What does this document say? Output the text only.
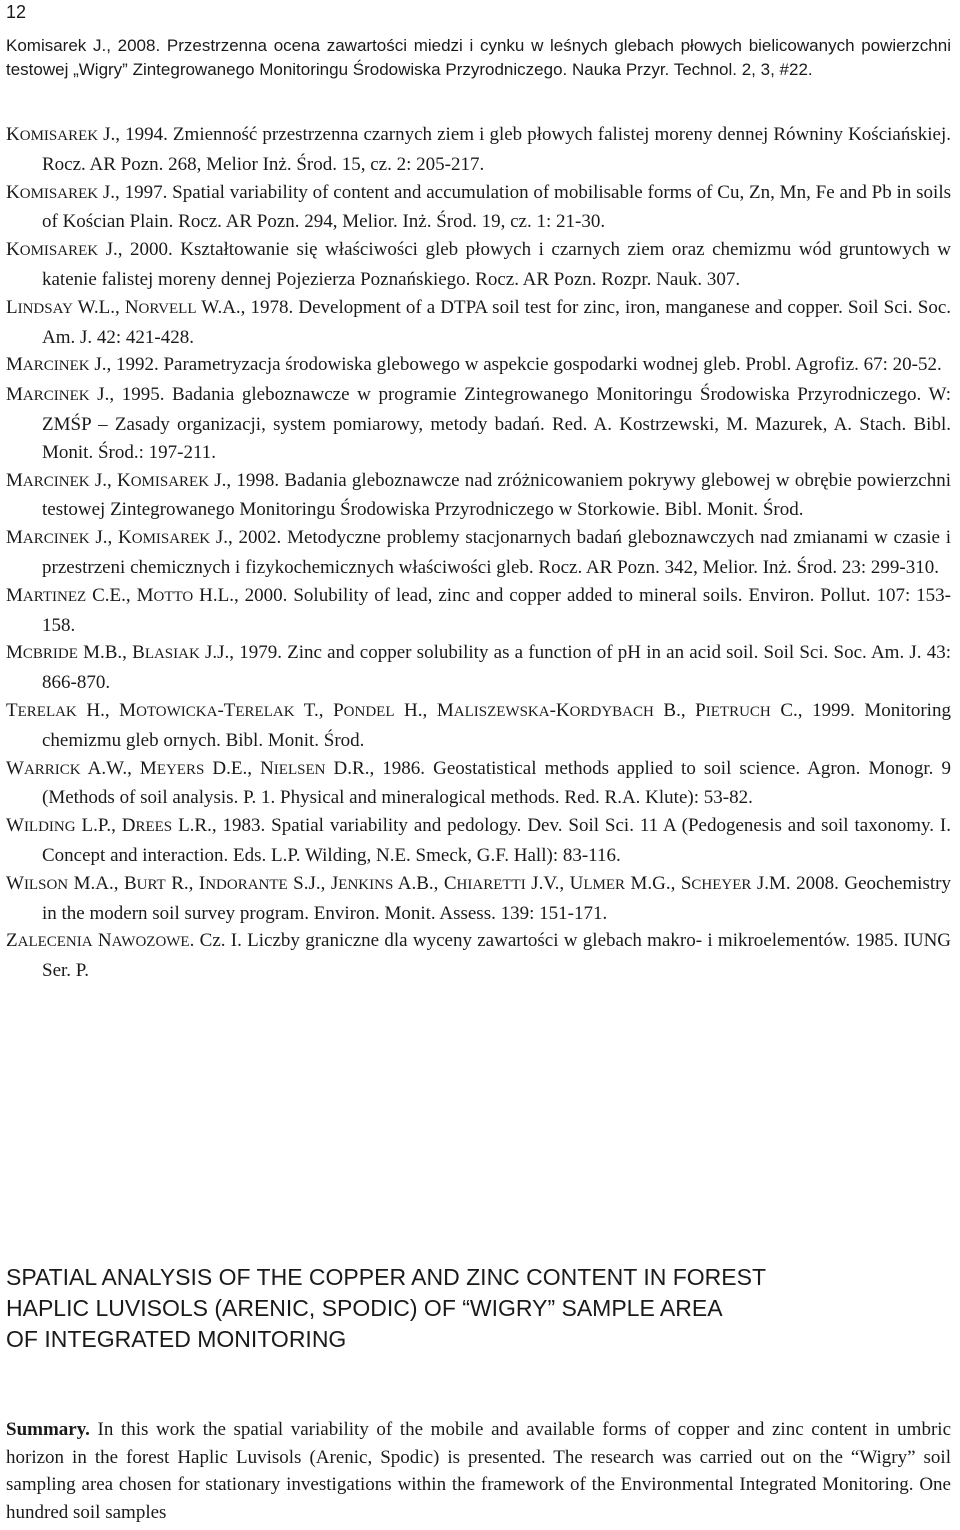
12
Komisarek J., 2008. Przestrzenna ocena zawartości miedzi i cynku w leśnych glebach płowych bielicowanych powierzchni testowej „Wigry” Zintegrowanego Monitoringu Środowiska Przyrodniczego. Nauka Przyr. Technol. 2, 3, #22.
KOMISAREK J., 1994. Zmienność przestrzenna czarnych ziem i gleb płowych falistej moreny dennej Równiny Kościańskiej. Rocz. AR Pozn. 268, Melior Inż. Środ. 15, cz. 2: 205-217.
KOMISAREK J., 1997. Spatial variability of content and accumulation of mobilisable forms of Cu, Zn, Mn, Fe and Pb in soils of Kościan Plain. Rocz. AR Pozn. 294, Melior. Inż. Środ. 19, cz. 1: 21-30.
KOMISAREK J., 2000. Kształtowanie się właściwości gleb płowych i czarnych ziem oraz chemizmu wód gruntowych w katenie falistej moreny dennej Pojezierza Poznańskiego. Rocz. AR Pozn. Rozpr. Nauk. 307.
LINDSAY W.L., NORVELL W.A., 1978. Development of a DTPA soil test for zinc, iron, manganese and copper. Soil Sci. Soc. Am. J. 42: 421-428.
MARCINEK J., 1992. Parametryzacja środowiska glebowego w aspekcie gospodarki wodnej gleb. Probl. Agrofiz. 67: 20-52.
MARCINEK J., 1995. Badania gleboznawcze w programie Zintegrowanego Monitoringu Środowiska Przyrodniczego. W: ZMŚP – Zasady organizacji, system pomiarowy, metody badań. Red. A. Kostrzewski, M. Mazurek, A. Stach. Bibl. Monit. Środ.: 197-211.
MARCINEK J., KOMISAREK J., 1998. Badania gleboznawcze nad zróżnicowaniem pokrywy glebowej w obrębie powierzchni testowej Zintegrowanego Monitoringu Środowiska Przyrodniczego w Storkowie. Bibl. Monit. Środ.
MARCINEK J., KOMISAREK J., 2002. Metodyczne problemy stacjonarnych badań gleboznawczych nad zmianami w czasie i przestrzeni chemicznych i fizykochemicznych właściwości gleb. Rocz. AR Pozn. 342, Melior. Inż. Środ. 23: 299-310.
MARTINEZ C.E., MOTTO H.L., 2000. Solubility of lead, zinc and copper added to mineral soils. Environ. Pollut. 107: 153-158.
MCBRIDE M.B., BLASIAK J.J., 1979. Zinc and copper solubility as a function of pH in an acid soil. Soil Sci. Soc. Am. J. 43: 866-870.
TERELAK H., MOTOWICKA-TERELAK T., PONDEL H., MALISZEWSKA-KORDYBACH B., PIETRUCH C., 1999. Monitoring chemizmu gleb ornych. Bibl. Monit. Środ.
WARRICK A.W., MEYERS D.E., NIELSEN D.R., 1986. Geostatistical methods applied to soil science. Agron. Monogr. 9 (Methods of soil analysis. P. 1. Physical and mineralogical methods. Red. R.A. Klute): 53-82.
WILDING L.P., DREES L.R., 1983. Spatial variability and pedology. Dev. Soil Sci. 11 A (Pedogenesis and soil taxonomy. I. Concept and interaction. Eds. L.P. Wilding, N.E. Smeck, G.F. Hall): 83-116.
WILSON M.A., BURT R., INDORANTE S.J., JENKINS A.B., CHIARETTI J.V., ULMER M.G., SCHEYER J.M. 2008. Geochemistry in the modern soil survey program. Environ. Monit. Assess. 139: 151-171.
ZALECENIA NAWOZOWE. Cz. I. Liczby graniczne dla wyceny zawartości w glebach makro- i mikroelementów. 1985. IUNG Ser. P.
SPATIAL ANALYSIS OF THE COPPER AND ZINC CONTENT IN FOREST
HAPLIC LUVISOLS (ARENIC, SPODIC) OF “WIGRY” SAMPLE AREA
OF INTEGRATED MONITORING
Summary. In this work the spatial variability of the mobile and available forms of copper and zinc content in umbric horizon in the forest Haplic Luvisols (Arenic, Spodic) is presented. The research was carried out on the “Wigry” soil sampling area chosen for stationary investigations within the framework of the Environmental Integrated Monitoring. One hundred soil samples
